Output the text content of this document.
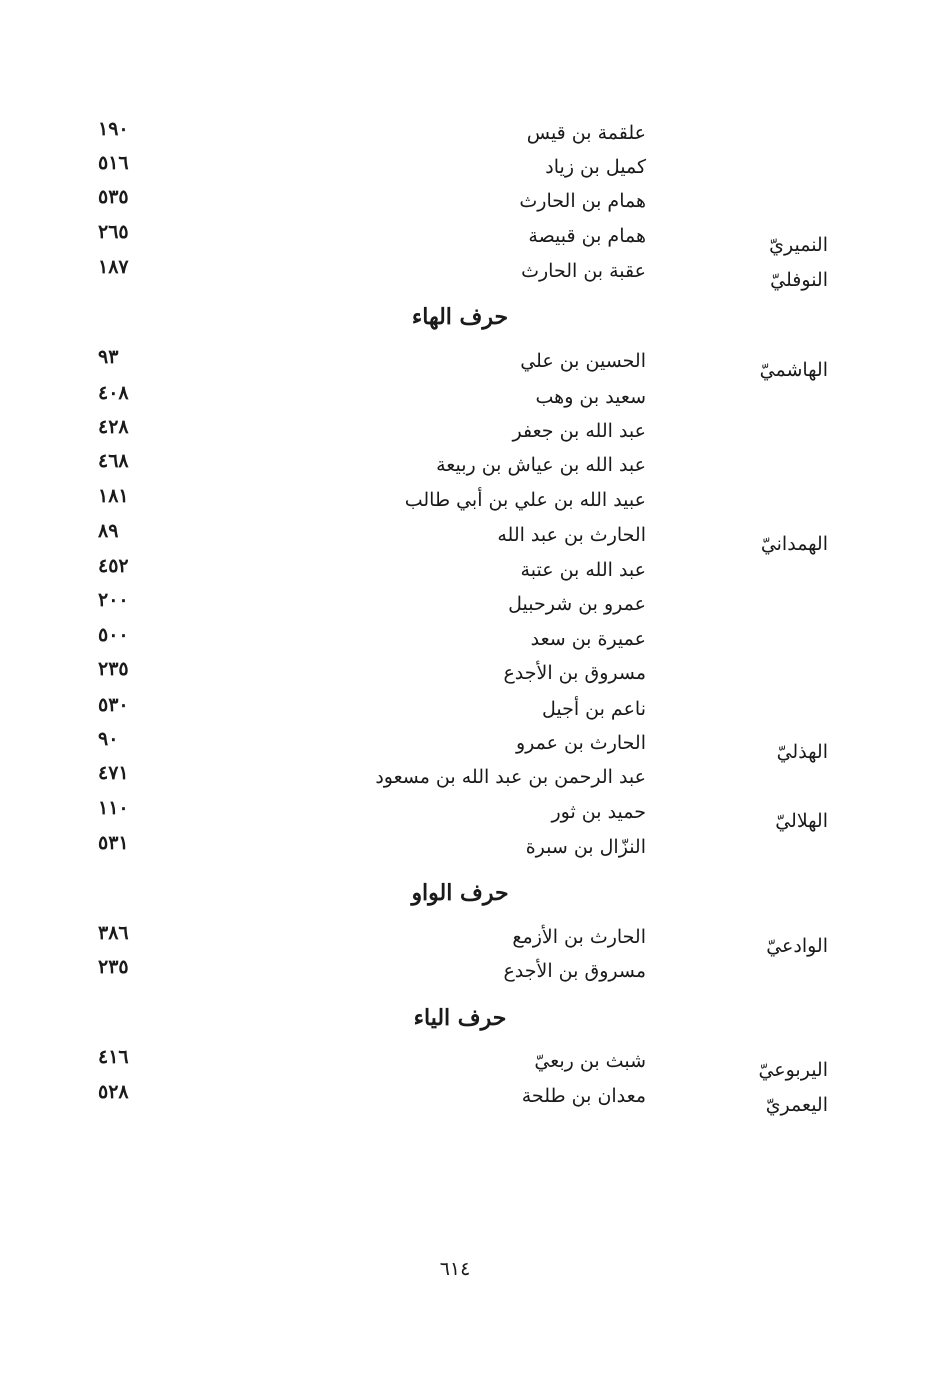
علقمة بن قيس
١٩٠
كميل بن زياد
٥١٦
همام بن الحارث
٥٣٥
النميريّ
همام بن قبيصة
٢٦٥
النوفليّ
عقبة بن الحارث
١٨٧
حرف الهاء
الهاشميّ
الحسين بن علي
٩٣
سعيد بن وهب
٤٠٨
عبد الله بن جعفر
٤٢٨
عبد الله بن عياش بن ربيعة
٤٦٨
عبيد الله بن علي بن أبي طالب
١٨١
الهمدانيّ
الحارث بن عبد الله
٨٩
عبد الله بن عتبة
٤٥٢
عمرو بن شرحبيل
٢٠٠
عميرة بن سعد
٥٠٠
مسروق بن الأجدع
٢٣٥
ناعم بن أجيل
٥٣٠
الهذليّ
الحارث بن عمرو
٩٠
عبد الرحمن بن عبد الله بن مسعود
٤٧١
الهلاليّ
حميد بن ثور
١١٠
النزّال بن سبرة
٥٣١
حرف الواو
الوادعيّ
الحارث بن الأزمع
٣٨٦
مسروق بن الأجدع
٢٣٥
حرف الياء
اليربوعيّ
شبث بن ربعيّ
٤١٦
اليعمريّ
معدان بن طلحة
٥٢٨
٦١٤
